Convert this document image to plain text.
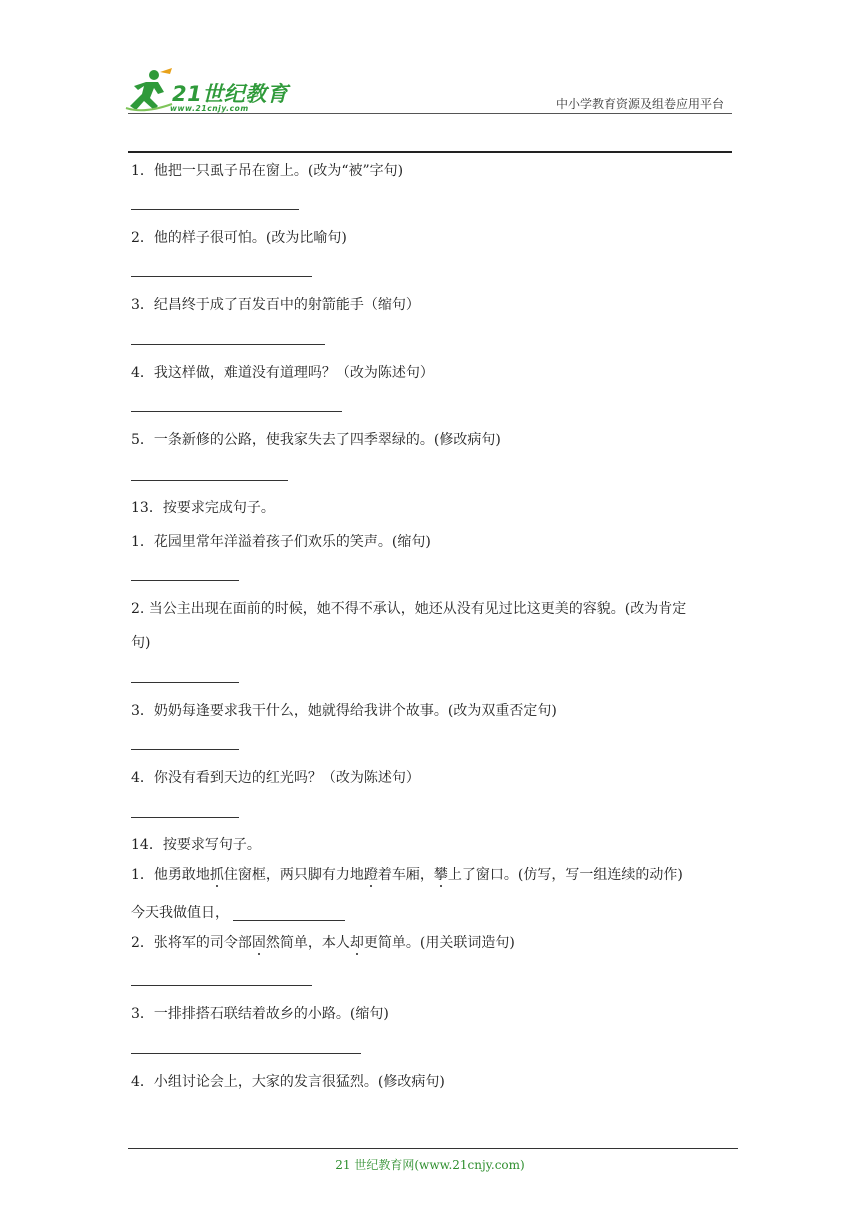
21世纪教育
www.21cnjy.com	中小学教育资源及组卷应用平台
1．他把一只虱子吊在窗上。(改为“被”字句)
2．他的样子很可怕。(改为比喻句)
3．纪昌终于成了百发百中的射箭能手（缩句）
4．我这样做，难道没有道理吗？（改为陈述句）
5．一条新修的公路，使我家失去了四季翠绿的。(修改病句)
13．按要求完成句子。
1．花园里常年洋溢着孩子们欢乐的笑声。(缩句)
2. 当公主出现在面前的时候，她不得不承认，她还从没有见过比这更美的容貌。(改为肯定
句)
3．奶奶每逢要求我干什么，她就得给我讲个故事。(改为双重否定句)
4．你没有看到天边的红光吗？（改为陈述句）
14．按要求写句子。
1．他勇敢地抓住窗框，两只脚有力地蹬着车厢，攀上了窗口。(仿写，写一组连续的动作)
今天我做值日，
2．张将军的司令部固然简单，本人却更简单。(用关联词造句)
3．一排排搭石联结着故乡的小路。(缩句)
4．小组讨论会上，大家的发言很猛烈。(修改病句)
21 世纪教育网(www.21cnjy.com)
